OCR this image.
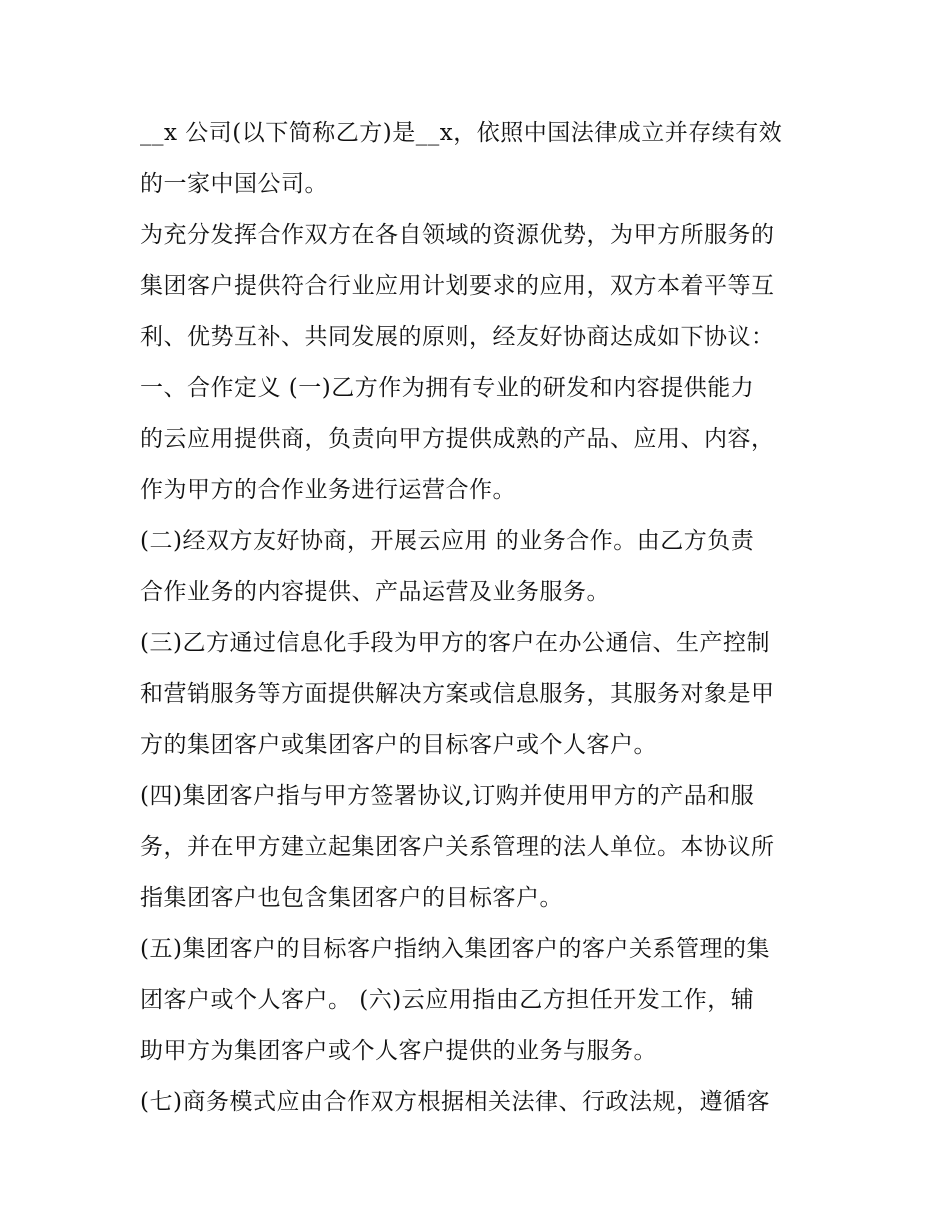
__x 公司(以下简称乙方)是__x，依照中国法律成立并存续有效
的一家中国公司。
为充分发挥合作双方在各自领域的资源优势，为甲方所服务的
集团客户提供符合行业应用计划要求的应用，双方本着平等互
利、优势互补、共同发展的原则，经友好协商达成如下协议：
一、合作定义 (一)乙方作为拥有专业的研发和内容提供能力
的云应用提供商，负责向甲方提供成熟的产品、应用、内容，
作为甲方的合作业务进行运营合作。
(二)经双方友好协商，开展云应用 的业务合作。由乙方负责
合作业务的内容提供、产品运营及业务服务。
(三)乙方通过信息化手段为甲方的客户在办公通信、生产控制
和营销服务等方面提供解决方案或信息服务，其服务对象是甲
方的集团客户或集团客户的目标客户或个人客户。
(四)集团客户指与甲方签署协议,订购并使用甲方的产品和服
务，并在甲方建立起集团客户关系管理的法人单位。本协议所
指集团客户也包含集团客户的目标客户。
(五)集团客户的目标客户指纳入集团客户的客户关系管理的集
团客户或个人客户。 (六)云应用指由乙方担任开发工作，辅
助甲方为集团客户或个人客户提供的业务与服务。
(七)商务模式应由合作双方根据相关法律、行政法规，遵循客
